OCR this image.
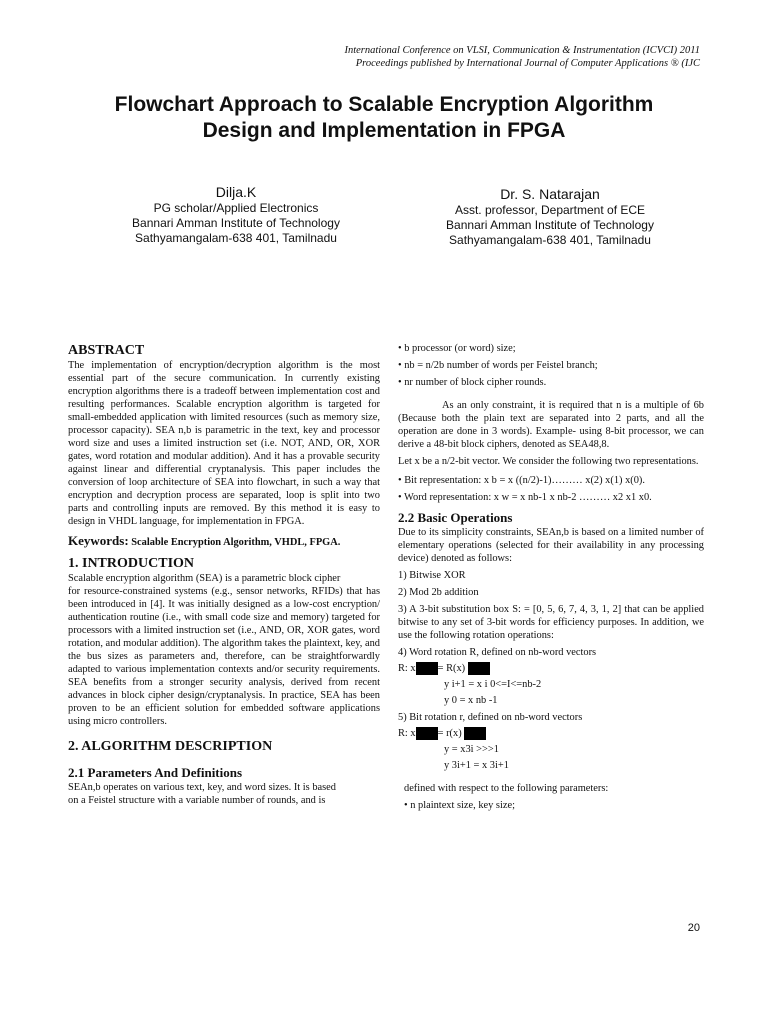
International Conference on VLSI, Communication & Instrumentation (ICVCI) 2011
Proceedings published by International Journal of Computer Applications ® (IJC
Flowchart Approach to Scalable Encryption Algorithm
Design and Implementation in FPGA
Dilja.K
PG scholar/Applied Electronics
Bannari Amman Institute of Technology
Sathyamangalam-638 401, Tamilnadu
Dr. S. Natarajan
Asst. professor, Department of ECE
Bannari Amman Institute of Technology
Sathyamangalam-638 401, Tamilnadu
ABSTRACT

The implementation of encryption/decryption algorithm is the most essential part of the secure communication. In currently existing encryption algorithms there is a tradeoff between implementation cost and resulting performances. Scalable encryption algorithm is targeted for small-embedded application with limited resources (such as memory size, processor capacity). SEA n,b is parametric in the text, key and processor word size and uses a limited instruction set (i.e. NOT, AND, OR, XOR gates, word rotation and modular addition). And it has a provable security against linear and differential cryptanalysis. This paper includes the conversion of loop architecture of SEA into flowchart, in such a way that encryption and decryption process are separated, loop is split into two parts and controlling inputs are removed. By this method it is easy to design in VHDL language, for implementation in FPGA.

Keywords: Scalable Encryption Algorithm, VHDL, FPGA.

1. INTRODUCTION

Scalable encryption algorithm (SEA) is a parametric block cipher

for resource-constrained systems (e.g., sensor networks, RFIDs) that has been introduced in [4]. It was initially designed as a low-cost encryption/ authentication routine (i.e., with small code size and memory) targeted for processors with a limited instruction set (i.e., AND, OR, XOR gates, word rotation, and modular addition). The algorithm takes the plaintext, key, and the bus sizes as parameters and, therefore, can be straightforwardly adapted to various implementation contexts and/or security requirements. SEA benefits from a stronger security analysis, derived from recent advances in block cipher design/cryptanalysis. In practice, SEA has been proven to be an efficient solution for embedded software applications using micro controllers.

2. ALGORITHM DESCRIPTION
2.1 Parameters And Definitions

SEAn,b operates on various text, key, and word sizes. It is based

on a Feistel structure with a variable number of rounds, and is

• b processor (or word) size;

• nb = n/2b number of words per Feistel branch;

• nr number of block cipher rounds.

As an only constraint, it is required that n is a multiple of 6b (Because both the plain text are separated into 2 parts, and all the operation are done in 3 words). Example- using 8-bit processor, we can derive a 48-bit block ciphers, denoted as SEA48,8.

Let x be a n/2-bit vector. We consider the following two representations.

• Bit representation: x b = x ((n/2)-1)……… x(2) x(1) x(0).

• Word representation: x w = x nb-1 x nb-2 ……… x2 x1 x0.

2.2 Basic Operations

Due to its simplicity constraints, SEAn,b is based on a limited number of elementary operations (selected for their availability in any processing device) denoted as follows:

1) Bitwise XOR

2) Mod 2b addition

3) A 3-bit substitution box S: = [0, 5, 6, 7, 4, 3, 1, 2] that can be applied bitwise to any set of 3-bit words for efficiency purposes. In addition, we use the following rotation operations:

4) Word rotation R, defined on nb-word vectors

R: x = R(x)

y i+1 = x i 0<=I<=nb-2

y 0 = x nb -1

5) Bit rotation r, defined on nb-word vectors

R: x = r(x)

y = x3i >>>1

y 3i+1 = x 3i+1

defined with respect to the following parameters:

• n plaintext size, key size;

20
